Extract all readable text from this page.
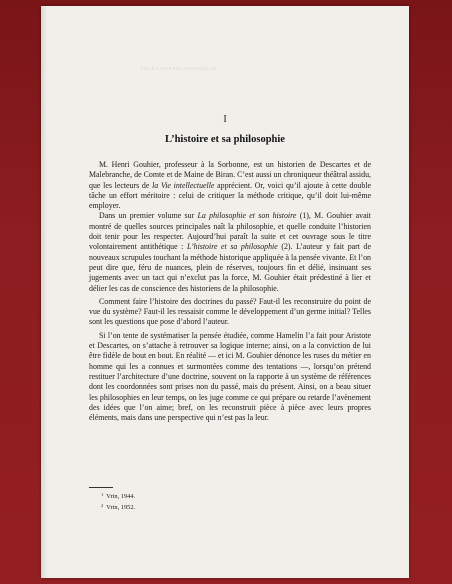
LES ÉTUDES PHILOSOPHIQUES
I
L’histoire et sa philosophie

M. Henri Gouhier, professeur à la Sorbonne, est un historien de Descartes et de Malebranche, de Comte et de Maine de Biran. C’est aussi un chroniqueur théâtral assidu, que les lecteurs de la Vie intellectuelle apprécient. Or, voici qu’il ajoute à cette double tâche un effort méritoire : celui de critiquer la méthode critique, qu’il doit lui-même employer.

Dans un premier volume sur La philosophie et son histoire (1), M. Gouhier avait montré de quelles sources principales naît la philosophie, et quelle conduite l’historien doit tenir pour les respecter. Aujourd’hui paraît la suite et cet ouvrage sous le titre volontairement antithétique : L’histoire et sa philosophie (2). L’auteur y fait part de nouveaux scrupules touchant la méthode historique appliquée à la pensée vivante. Et l’on peut dire que, féru de nuances, plein de réserves, toujours fin et délié, insinuant ses jugements avec un tact qui n’exclut pas la force, M. Gouhier était prédestiné à lier et délier les cas de conscience des historiens de la philosophie.

Comment faire l’histoire des doctrines du passé? Faut-il les reconstruire du point de vue du système? Faut-il les ressaisir comme le développement d’un germe initial? Telles sont les questions que pose d’abord l’auteur.

Si l’on tente de systématiser la pensée étudiée, comme Hamelin l’a fait pour Aristote et Descartes, on s’attache à retrouver sa logique interne; ainsi, on a la conviction de lui être fidèle de bout en bout. En réalité — et ici M. Gouhier dénonce les ruses du métier en homme qui les a connues et surmontées comme des tentations —, lorsqu’on prétend restituer l’architecture d’une doctrine, souvent on la rapporte à un système de références dont les coordonnées sont prises non du passé, mais du présent. Ainsi, on a beau situer les philosophies en leur temps, on les juge comme ce qui prépare ou retarde l’avènement des idées que l’on aime; bref, on les reconstruit pièce à pièce avec leurs propres éléments, mais dans une perspective qui n’est pas la leur.

$^1$ Vrin, 1944.
$^2$ Vrin, 1952.
